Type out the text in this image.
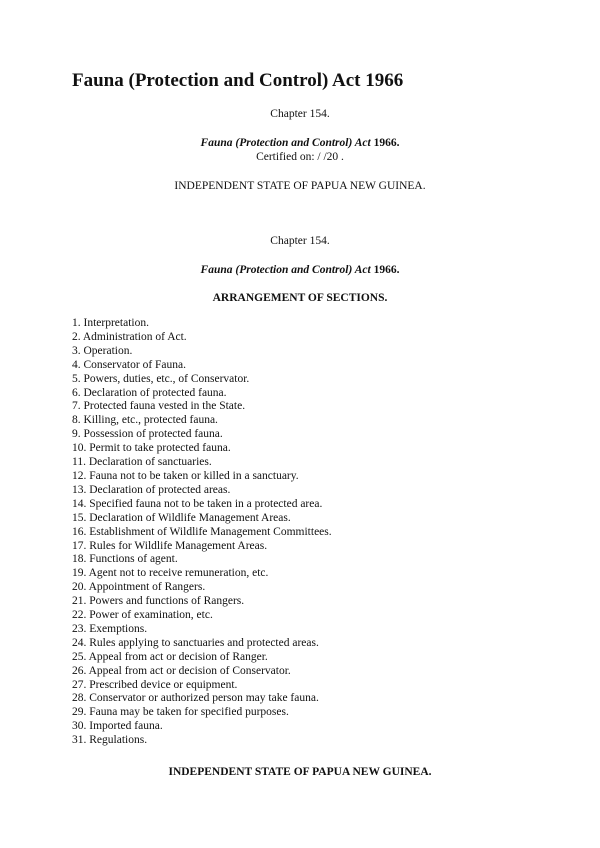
Fauna (Protection and Control) Act 1966
Chapter 154.
Fauna (Protection and Control) Act 1966.
Certified on: / /20 .
INDEPENDENT STATE OF PAPUA NEW GUINEA.
Chapter 154.
Fauna (Protection and Control) Act 1966.
ARRANGEMENT OF SECTIONS.
1. Interpretation.
2. Administration of Act.
3. Operation.
4. Conservator of Fauna.
5. Powers, duties, etc., of Conservator.
6. Declaration of protected fauna.
7. Protected fauna vested in the State.
8. Killing, etc., protected fauna.
9. Possession of protected fauna.
10. Permit to take protected fauna.
11. Declaration of sanctuaries.
12. Fauna not to be taken or killed in a sanctuary.
13. Declaration of protected areas.
14. Specified fauna not to be taken in a protected area.
15. Declaration of Wildlife Management Areas.
16. Establishment of Wildlife Management Committees.
17. Rules for Wildlife Management Areas.
18. Functions of agent.
19. Agent not to receive remuneration, etc.
20. Appointment of Rangers.
21. Powers and functions of Rangers.
22. Power of examination, etc.
23. Exemptions.
24. Rules applying to sanctuaries and protected areas.
25. Appeal from act or decision of Ranger.
26. Appeal from act or decision of Conservator.
27. Prescribed device or equipment.
28. Conservator or authorized person may take fauna.
29. Fauna may be taken for specified purposes.
30. Imported fauna.
31. Regulations.
INDEPENDENT STATE OF PAPUA NEW GUINEA.
